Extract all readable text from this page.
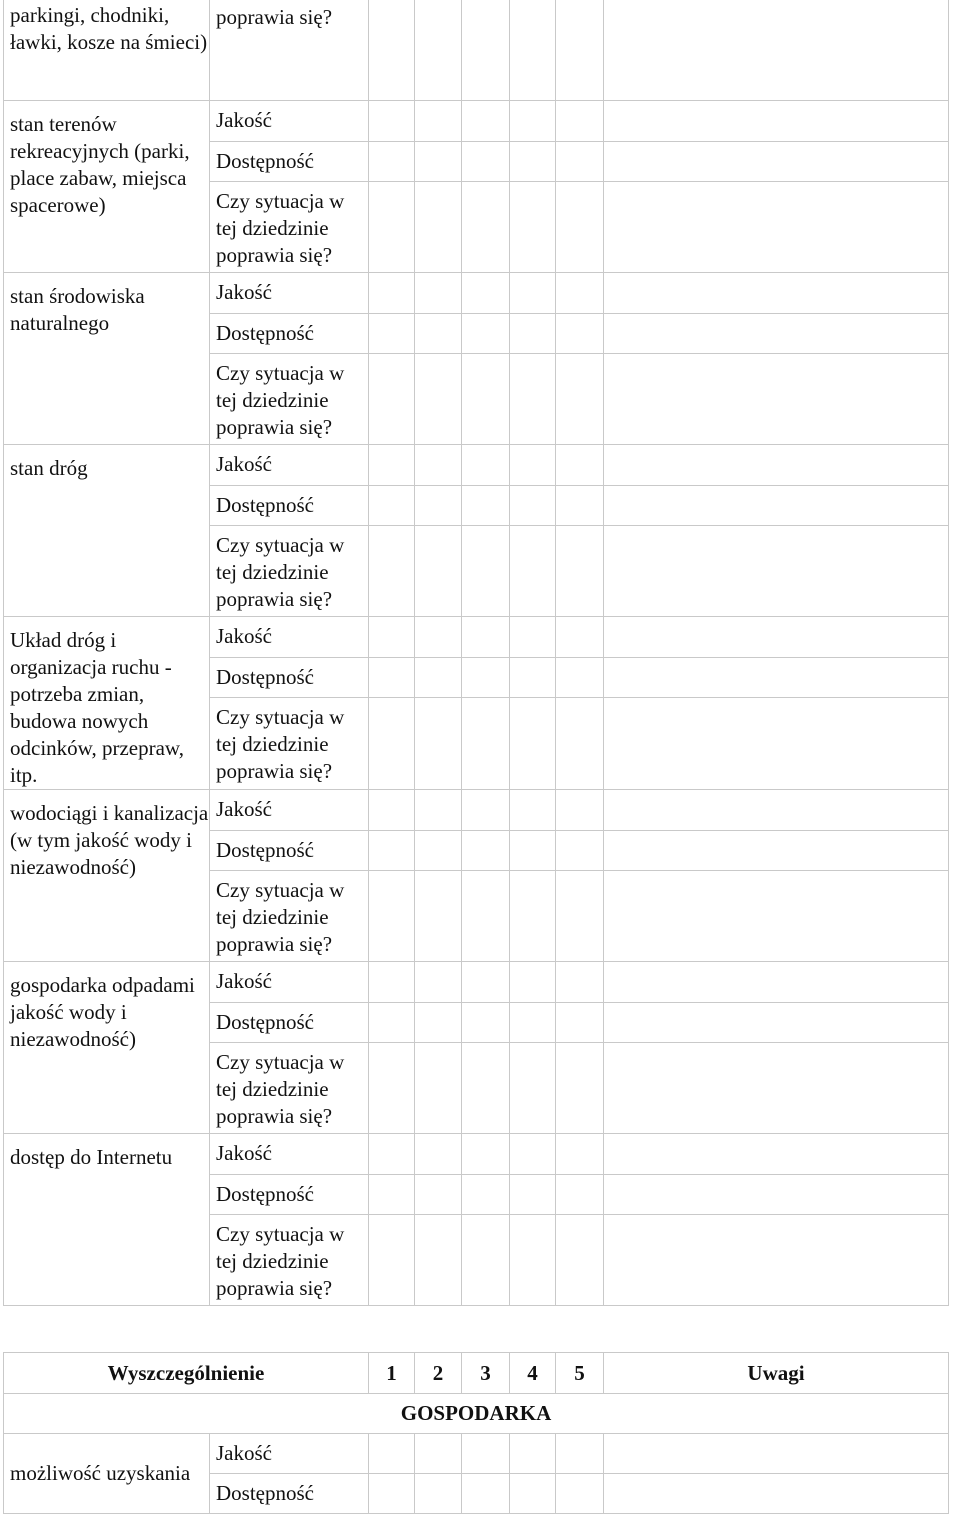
parkingi, chodniki, ławki, kosze na śmieci)	poprawia się?						
stan terenów rekreacyjnych (parki, place zabaw, miejsca spacerowe)	Jakość						
	Dostępność						

	Czy sytuacja w
tej dziedzinie
poprawia się?						

stan środowiska naturalnego	Jakość						
	Dostępność						

	Czy sytuacja w
tej dziedzinie
poprawia się?						

stan dróg	Jakość						
	Dostępność						

	Czy sytuacja w
tej dziedzinie
poprawia się?						

Układ dróg i organizacja ruchu - potrzeba zmian, budowa nowych odcinków, przepraw, itp.	Jakość						
	Dostępność						

	Czy sytuacja w
tej dziedzinie
poprawia się?						

wodociągi i kanalizacja (w tym jakość wody i niezawodność)	Jakość						
	Dostępność						

	Czy sytuacja w
tej dziedzinie
poprawia się?						

gospodarka odpadami jakość wody i niezawodność)	Jakość						
	Dostępność						

	Czy sytuacja w
tej dziedzinie
poprawia się?						

dostęp do Internetu	Jakość						
	Dostępność						

	Czy sytuacja w
tej dziedzinie
poprawia się?						

Wyszczególnienie		1	2	3	4	5	Uwagi
GOSPODARKA							
możliwość uzyskania	Jakość						
	Dostępność						
